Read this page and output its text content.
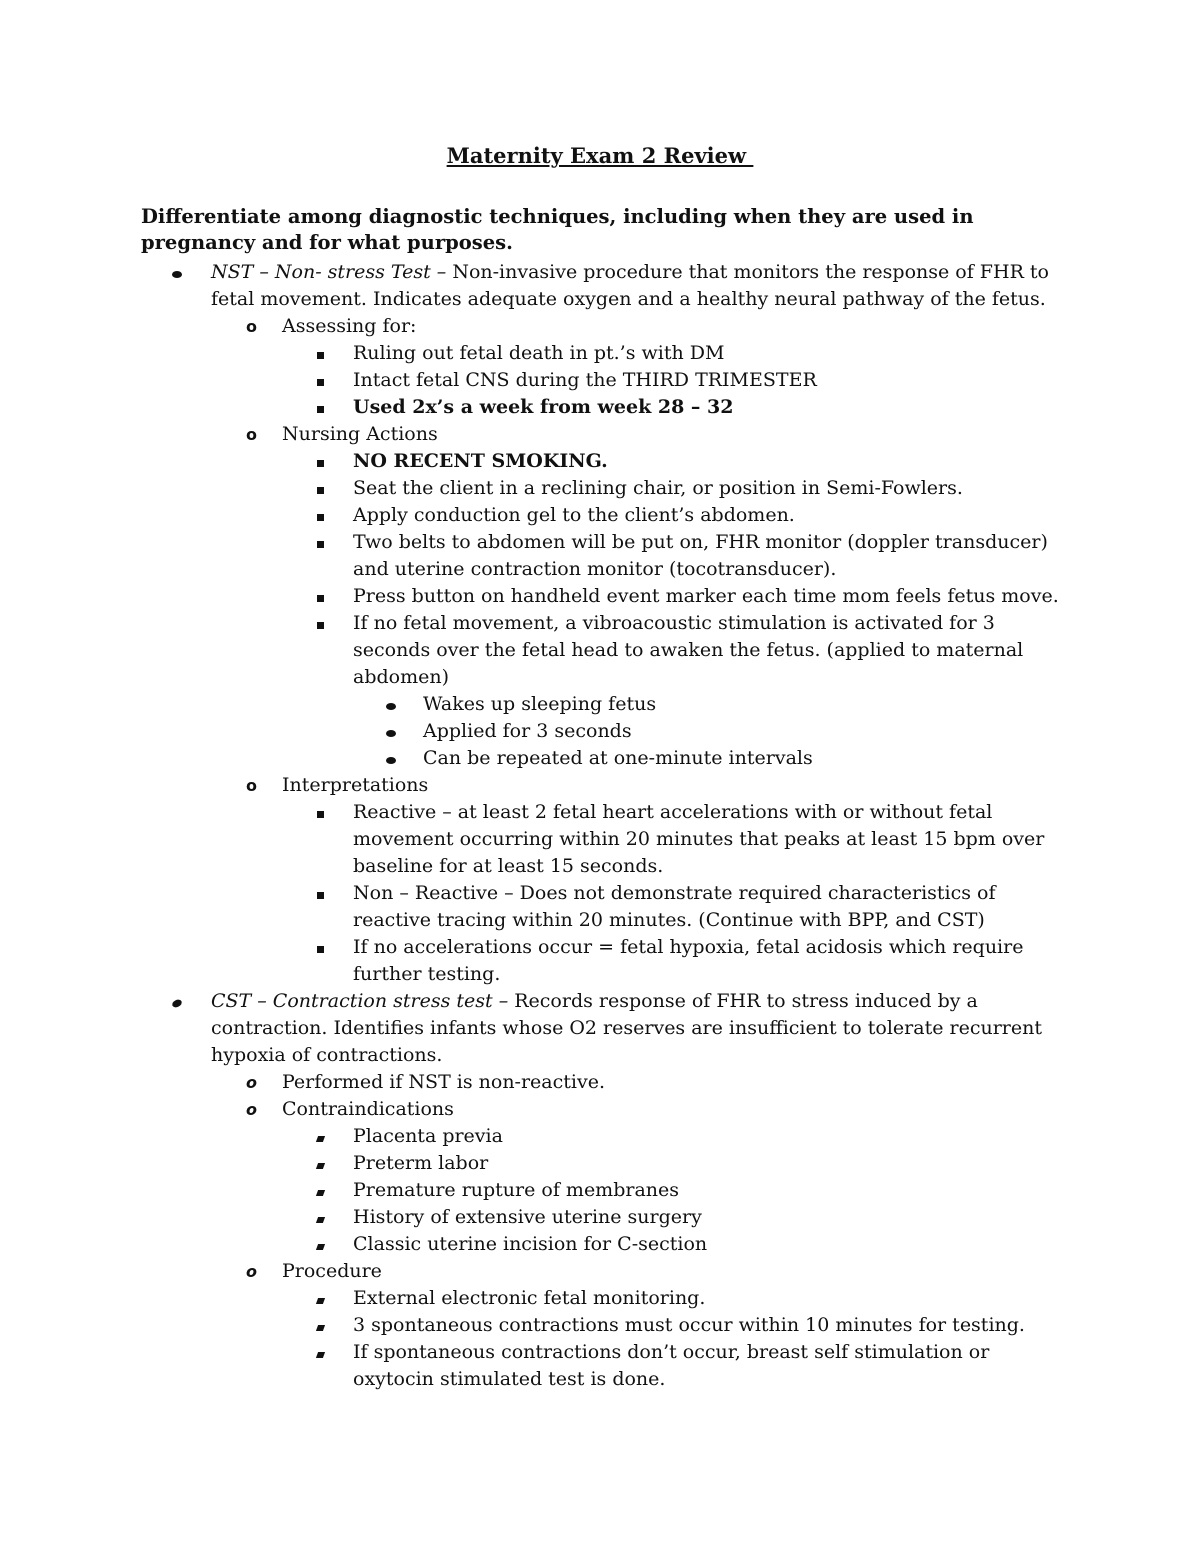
Maternity Exam 2 Review
Differentiate among diagnostic techniques, including when they are used in pregnancy and for what purposes.
NST – Non- stress Test – Non-invasive procedure that monitors the response of FHR to fetal movement. Indicates adequate oxygen and a healthy neural pathway of the fetus.
o Assessing for:
Ruling out fetal death in pt.’s with DM
Intact fetal CNS during the THIRD TRIMESTER
Used 2x’s a week from week 28 – 32
o Nursing Actions
NO RECENT SMOKING.
Seat the client in a reclining chair, or position in Semi-Fowlers.
Apply conduction gel to the client’s abdomen.
Two belts to abdomen will be put on, FHR monitor (doppler transducer) and uterine contraction monitor (tocotransducer).
Press button on handheld event marker each time mom feels fetus move.
If no fetal movement, a vibroacoustic stimulation is activated for 3 seconds over the fetal head to awaken the fetus. (applied to maternal abdomen)
Wakes up sleeping fetus
Applied for 3 seconds
Can be repeated at one-minute intervals
o Interpretations
Reactive – at least 2 fetal heart accelerations with or without fetal movement occurring within 20 minutes that peaks at least 15 bpm over baseline for at least 15 seconds.
Non – Reactive – Does not demonstrate required characteristics of reactive tracing within 20 minutes. (Continue with BPP, and CST)
If no accelerations occur = fetal hypoxia, fetal acidosis which require further testing.
CST – Contraction stress test – Records response of FHR to stress induced by a contraction. Identifies infants whose O2 reserves are insufficient to tolerate recurrent hypoxia of contractions.
o Performed if NST is non-reactive.
o Contraindications
Placenta previa
Preterm labor
Premature rupture of membranes
History of extensive uterine surgery
Classic uterine incision for C-section
o Procedure
External electronic fetal monitoring.
3 spontaneous contractions must occur within 10 minutes for testing.
If spontaneous contractions don’t occur, breast self stimulation or oxytocin stimulated test is done.
